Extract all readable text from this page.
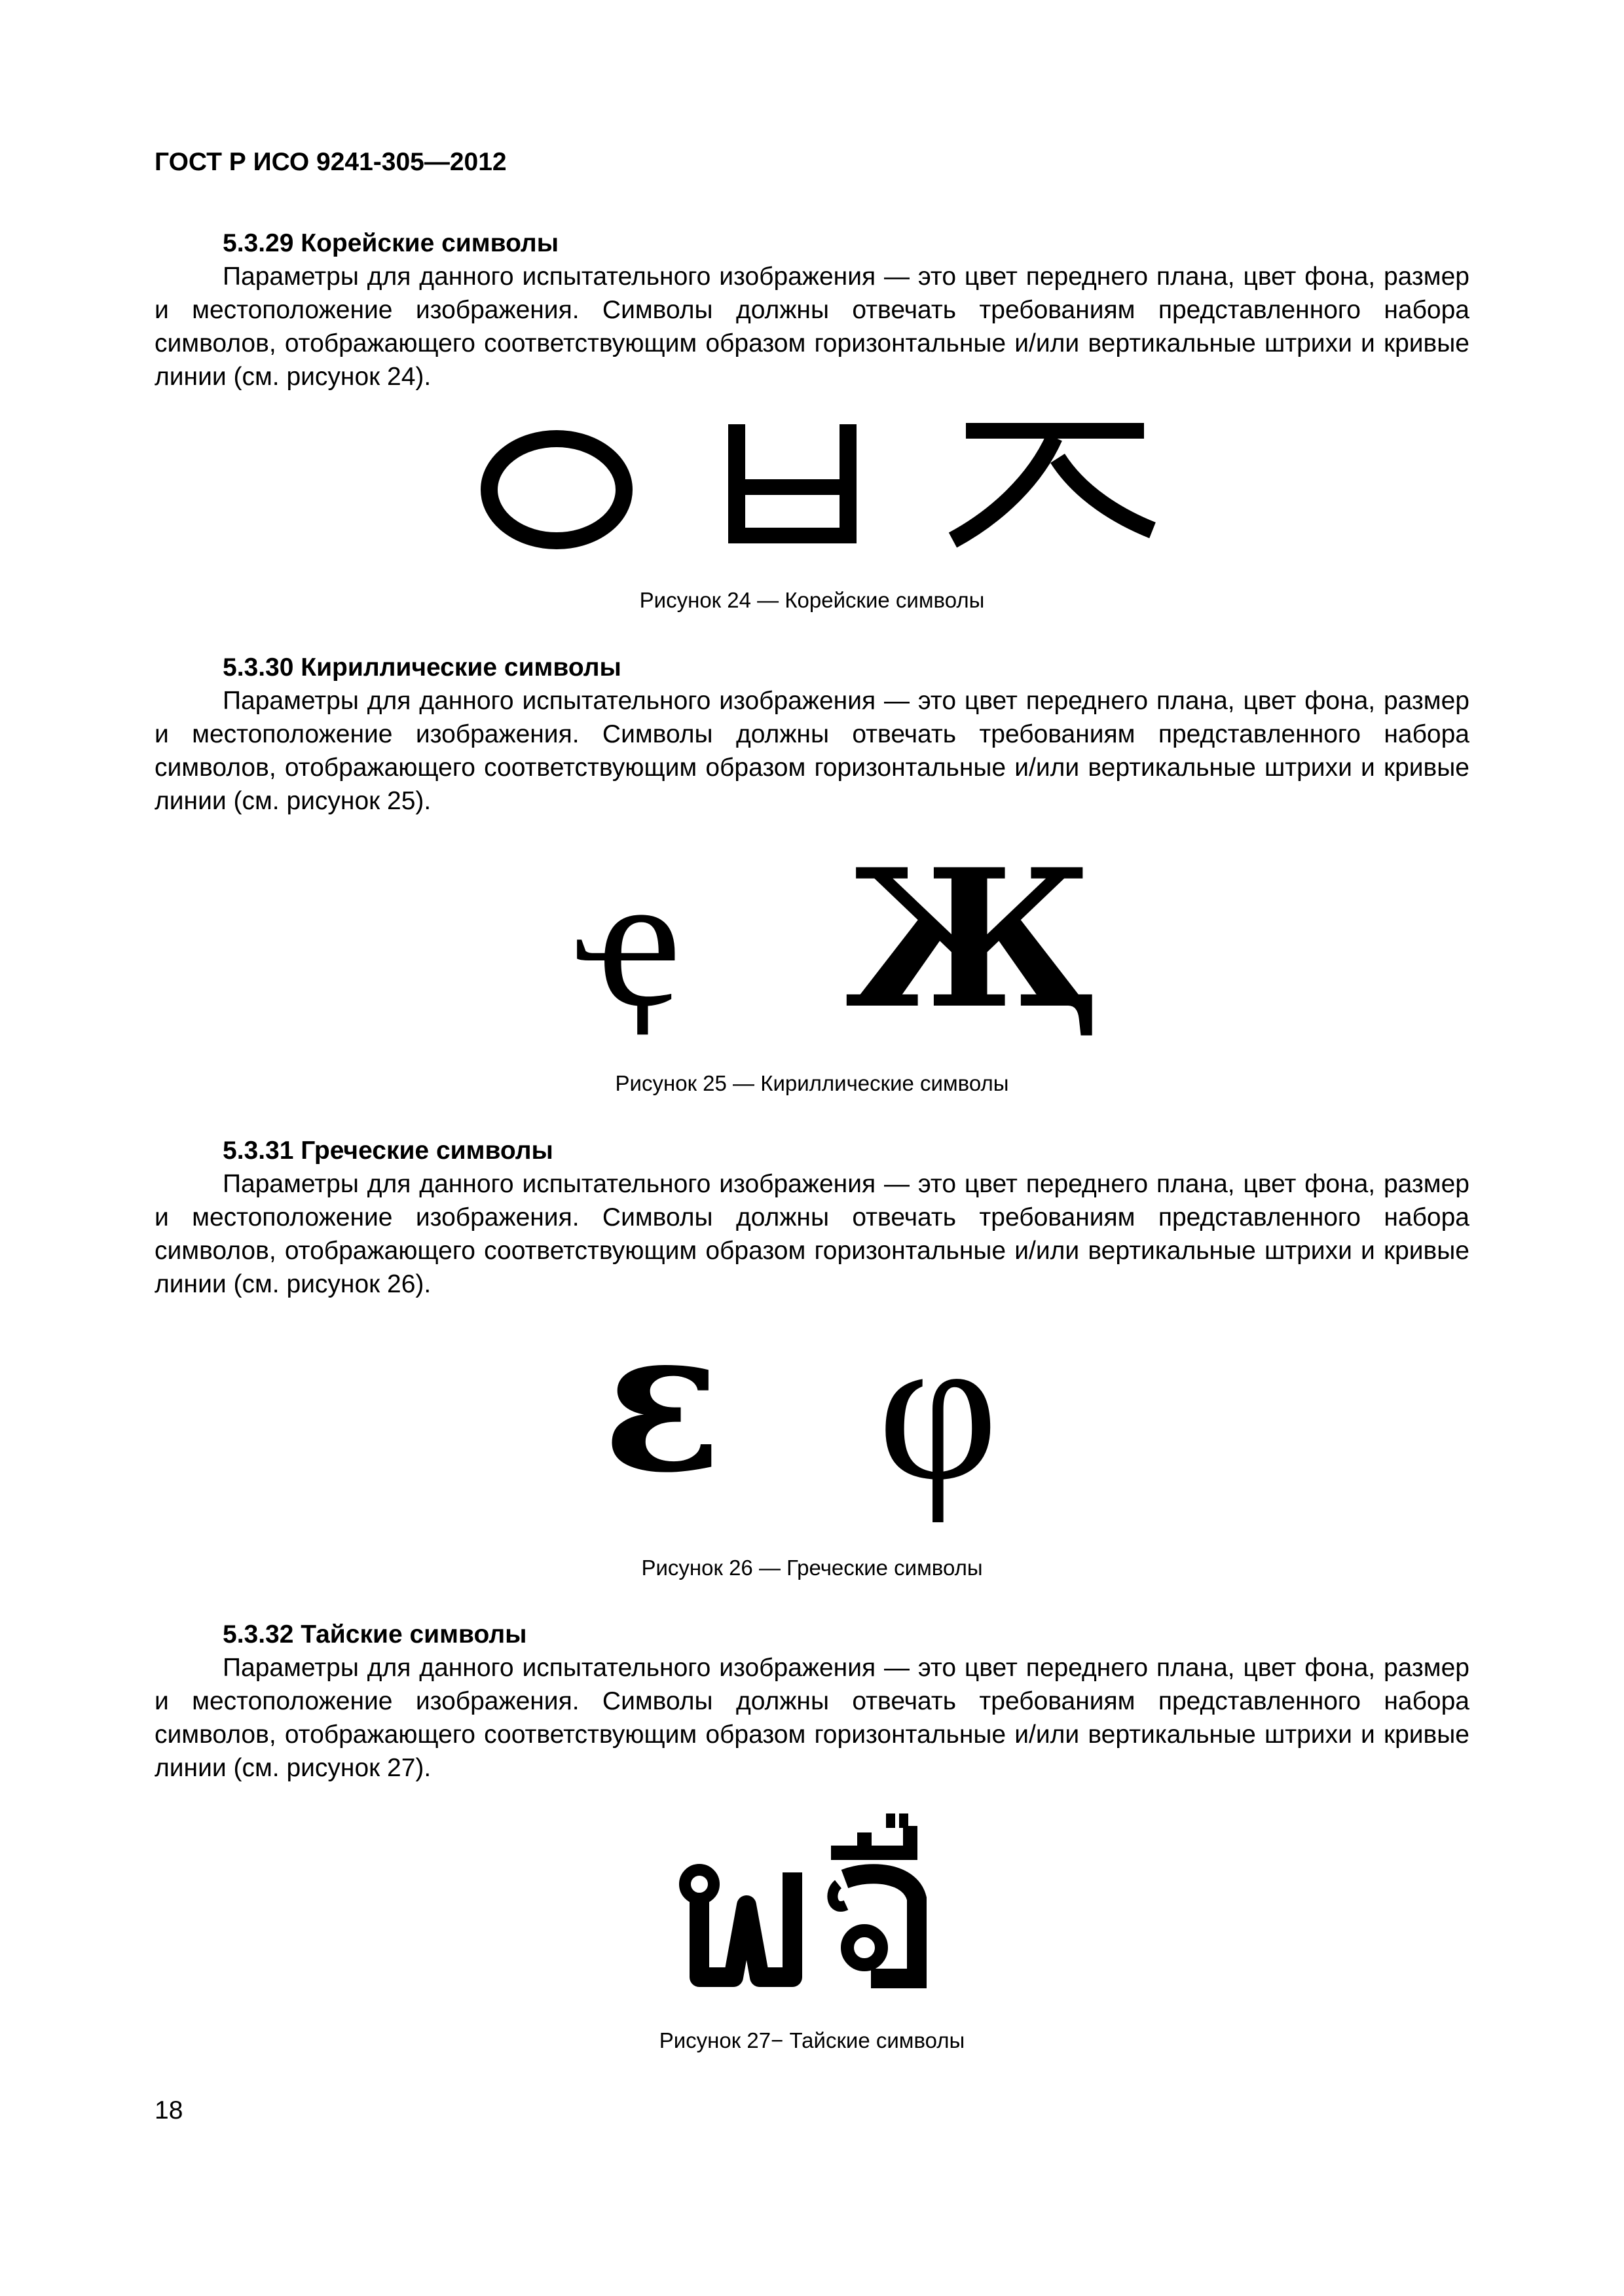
ГОСТ Р ИСО 9241-305—2012
5.3.29 Корейские символы
Параметры для данного испытательного изображения — это цвет переднего плана, цвет фона, размер и местоположение изображения. Символы должны отвечать требованиям представленного набора символов, отображающего соответствующим образом горизонтальные и/или вертикальные штрихи и кривые линии (см. рисунок 24).
Рисунок 24 — Корейские символы
5.3.30 Кириллические символы
Параметры для данного испытательного изображения — это цвет переднего плана, цвет фона, размер и местоположение изображения. Символы должны отвечать требованиям представленного набора символов, отображающего соответствующим образом горизонтальные и/или вертикальные штрихи и кривые линии (см. рисунок 25).
ҿ Җ
Рисунок 25 — Кириллические символы
5.3.31 Греческие символы
Параметры для данного испытательного изображения — это цвет переднего плана, цвет фона, размер и местоположение изображения. Символы должны отвечать требованиям представленного набора символов, отображающего соответствующим образом горизонтальные и/или вертикальные штрихи и кривые линии (см. рисунок 26).
ε φ
Рисунок 26 — Греческие символы
5.3.32 Тайские символы
Параметры для данного испытательного изображения — это цвет переднего плана, цвет фона, размер и местоположение изображения. Символы должны отвечать требованиям представленного набора символов, отображающего соответствующим образом горизонтальные и/или вертикальные штрихи и кривые линии (см. рисунок 27).
Рисунок 27− Тайские символы
18
